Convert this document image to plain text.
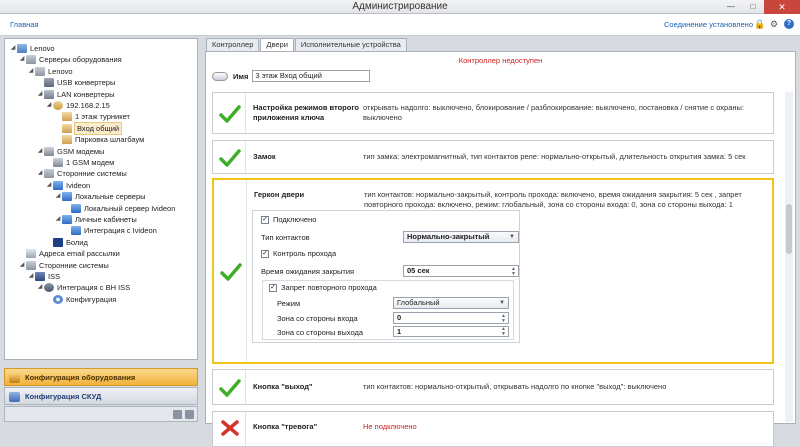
Администрирование	—	□	✕
Главная	Соединение установлено 🔒 ⚙	?
◢ Lenovo
◢ Серверы оборудования
◢ Lenovo
USB конвертеры
◢ LAN конвертеры
◢ 192.168.2.15
1 этаж турникет
Вход общий
Парковка шлагбаум
◢ GSM модемы
1 GSM модем
◢ Сторонние системы
◢ Ivideon
◢ Локальные серверы
Локальный сервер Ivideon
◢ Личные кабинеты
Интеграция с Ivideon
Болид
Адреса email рассылки
◢ Сторонние системы
◢ ISS
◢ Интеграция с BH ISS
Конфигурация
Конфигурация оборудования
Конфигурация СКУД
Контроллер	Двери	Исполнительные устройства
Контроллер недоступен
Имя 3 этаж Вход общий
Настройка режимов второго приложения ключа
открывать надолго: выключено, блокирование / разблокирование: выключено, постановка / снятие с охраны: выключено
Замок	тип замка: электромагнитный, тип контактов реле: нормально-открытый, длительность открытия замка: 5 сек
Геркон двери	тип контактов: нормально-закрытый, контроль прохода: включено, время ожидания закрытия: 5 сек , запрет повторного прохода: включено, режим: глобальный, зона со стороны входа: 0, зона со стороны выхода: 1
✓ Подключено
Тип контактов	Нормально-закрытый	▼
✓ Контроль прохода
Время ожидания закрытия	05 сек	▲
▼
✓ Запрет повторного прохода
Режим	Глобальный	▼
Зона со стороны входа	0	▲
▼
Зона со стороны выхода	1	▲
▼
Кнопка "выход"	тип контактов: нормально-открытый, открывать надолго по кнопке "выход": выключено
Кнопка "тревога"	Не подключено
